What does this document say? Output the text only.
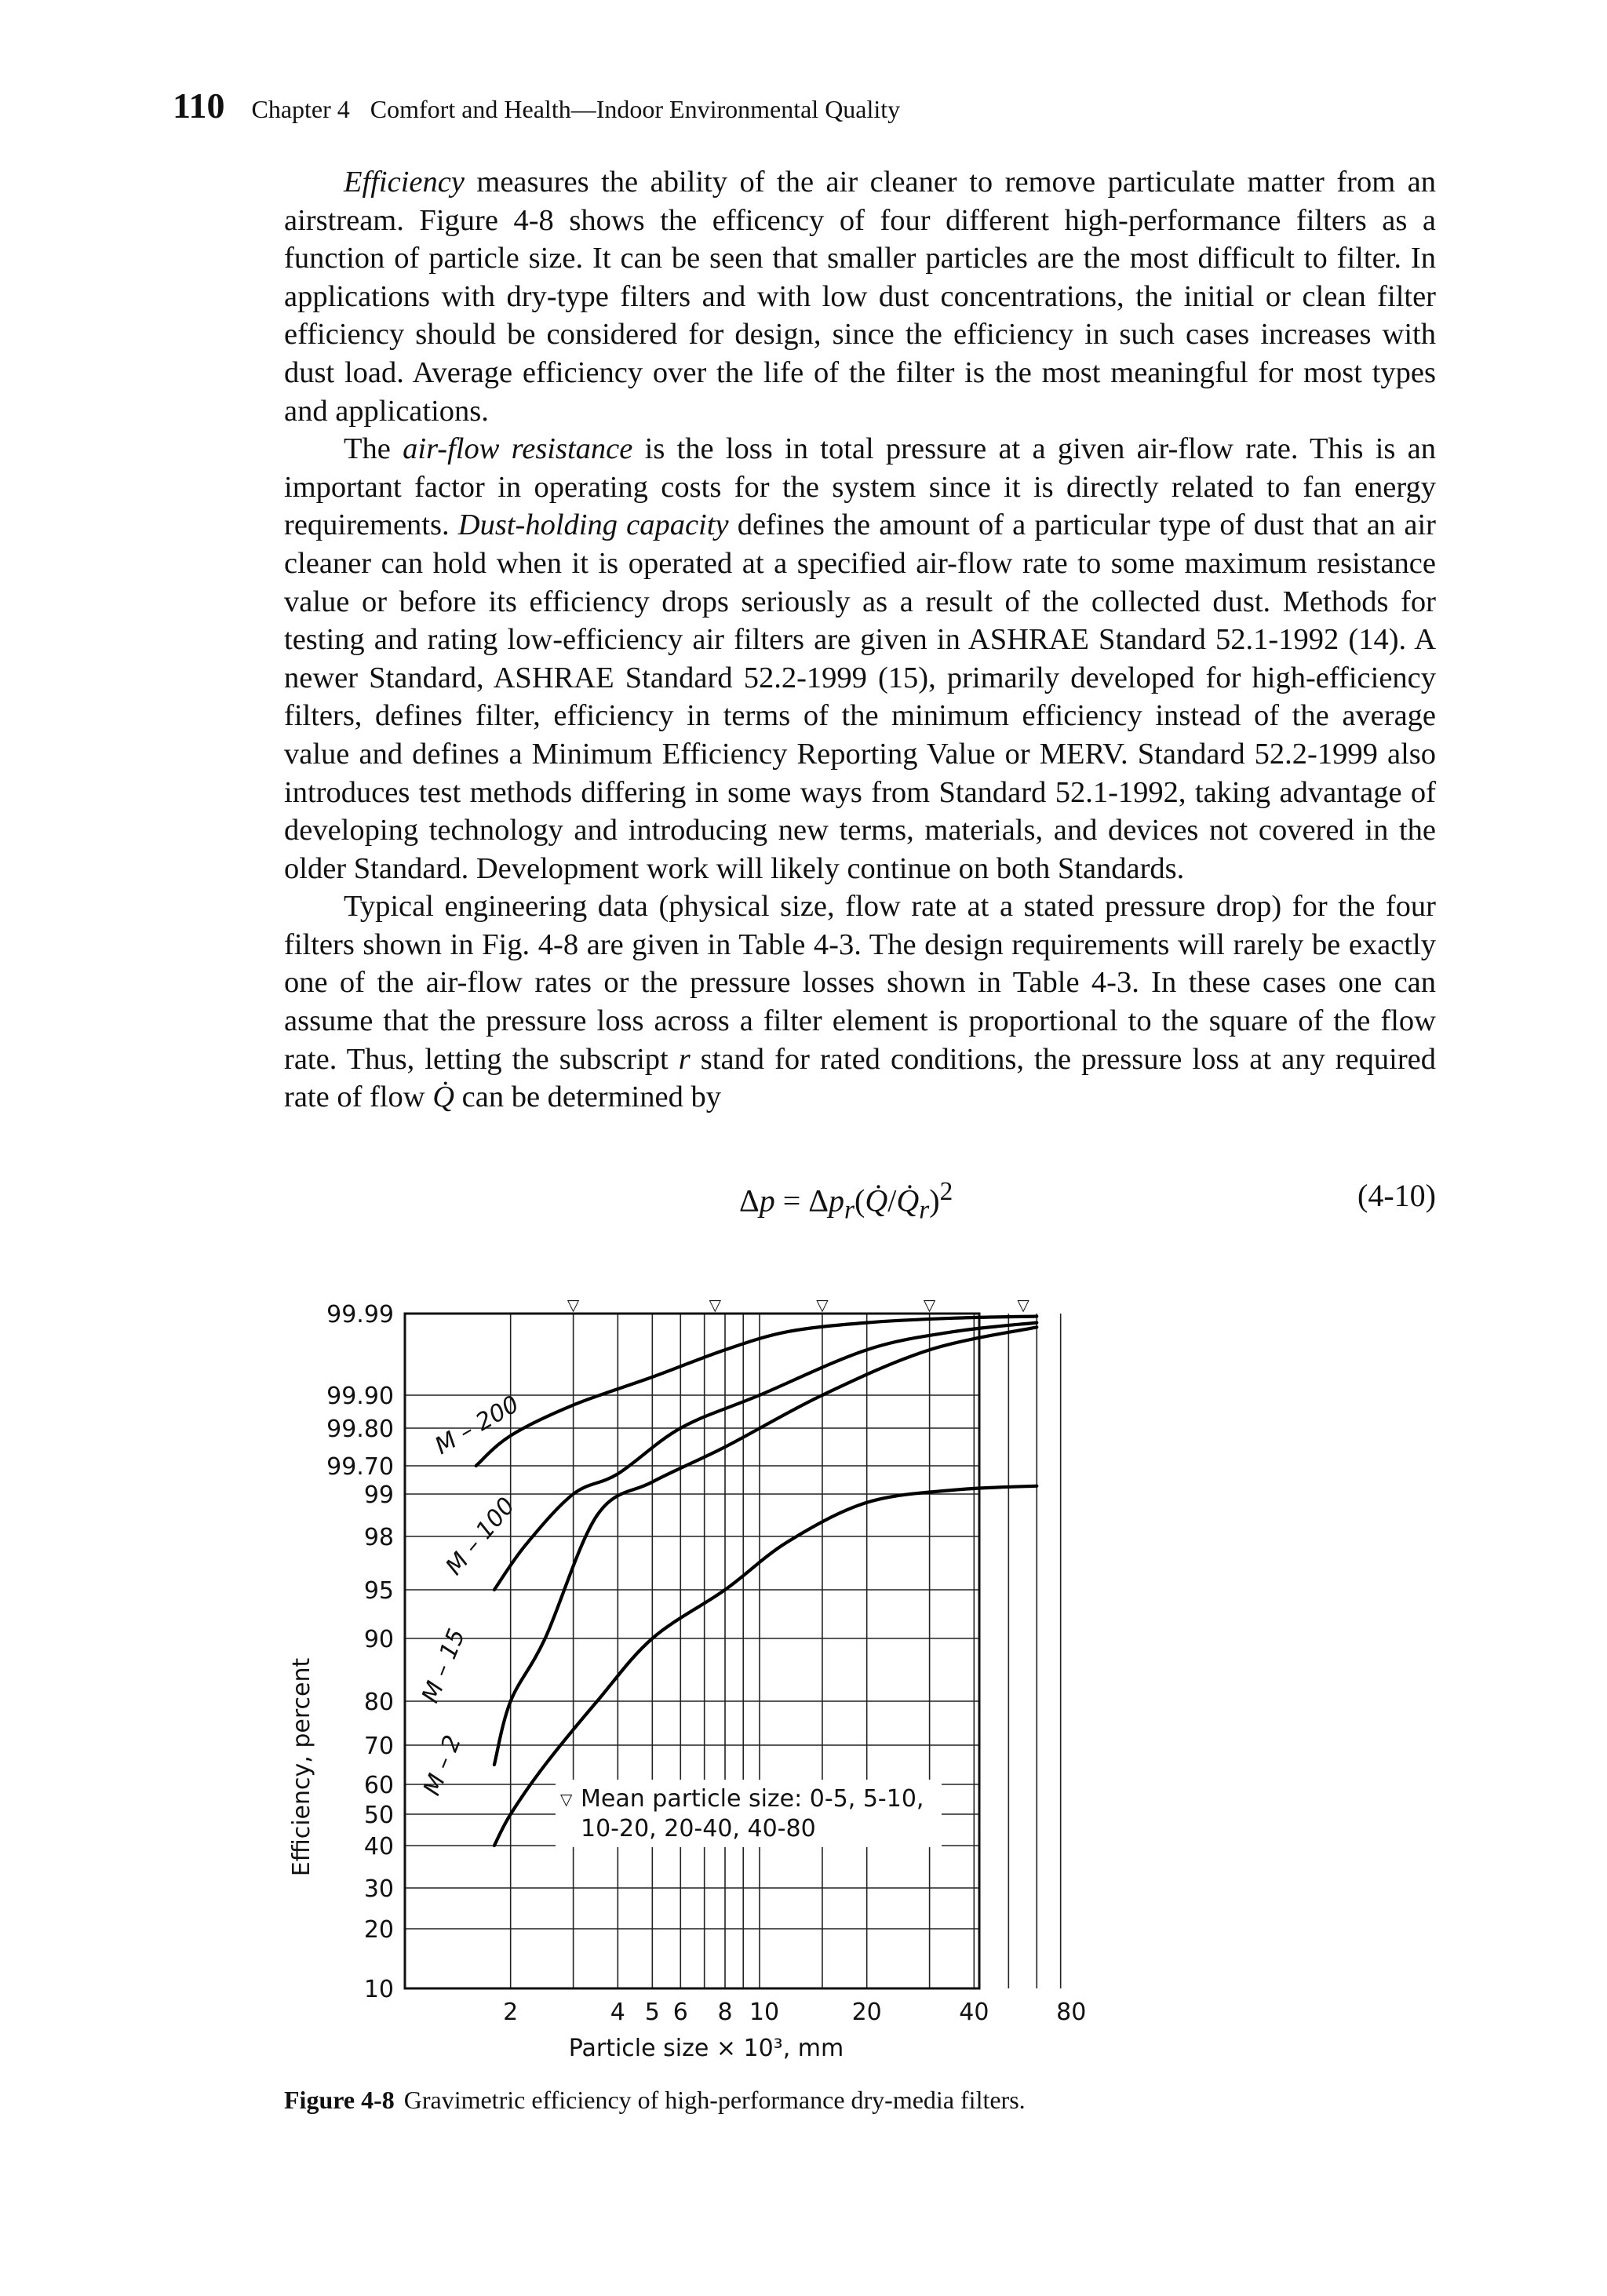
110 Chapter 4 Comfort and Health—Indoor Environmental Quality

Efficiency measures the ability of the air cleaner to remove particulate matter from an airstream. Figure 4-8 shows the efficency of four different high-performance filters as a function of particle size. It can be seen that smaller particles are the most difficult to filter. In applications with dry-type filters and with low dust concentrations, the initial or clean filter efficiency should be considered for design, since the efficiency in such cases increases with dust load. Average efficiency over the life of the filter is the most meaningful for most types and applications.

The air-flow resistance is the loss in total pressure at a given air-flow rate. This is an important factor in operating costs for the system since it is directly related to fan energy requirements. Dust-holding capacity defines the amount of a particular type of dust that an air cleaner can hold when it is operated at a specified air-flow rate to some maximum resistance value or before its efficiency drops seriously as a result of the collected dust. Methods for testing and rating low-efficiency air filters are given in ASHRAE Standard 52.1-1992 (14). A newer Standard, ASHRAE Standard 52.2-1999 (15), primarily developed for high-efficiency filters, defines filter, efficiency in terms of the minimum efficiency instead of the average value and defines a Minimum Efficiency Reporting Value or MERV. Standard 52.2-1999 also introduces test methods differing in some ways from Standard 52.1-1992, taking advantage of developing technology and introducing new terms, materials, and devices not covered in the older Standard. Development work will likely continue on both Standards.

Typical engineering data (physical size, flow rate at a stated pressure drop) for the four filters shown in Fig. 4-8 are given in Table 4-3. The design requirements will rarely be exactly one of the air-flow rates or the pressure losses shown in Table 4-3. In these cases one can assume that the pressure loss across a filter element is proportional to the square of the flow rate. Thus, letting the subscript r stand for rated conditions, the pressure loss at any required rate of flow Q̇ can be determined by

$\Delta p = \Delta p_r(Q̇/Q̇_r)^2$	(4-10)
99.99
99.90
99.80
99.70
99
98
95
90
80
70
60
50
40
30
20
10
2	4 5 6 8 10	20	40	80
▽	▽	▽	▽	▽
M – 200
M – 100
M – 15
M – 2
▽ Mean particle size: 0-5, 5-10,
10-20, 20-40, 40-80
Efficiency, percent
Particle size × 10³, mm
Figure 4-8 Gravimetric efficiency of high-performance dry-media filters.
